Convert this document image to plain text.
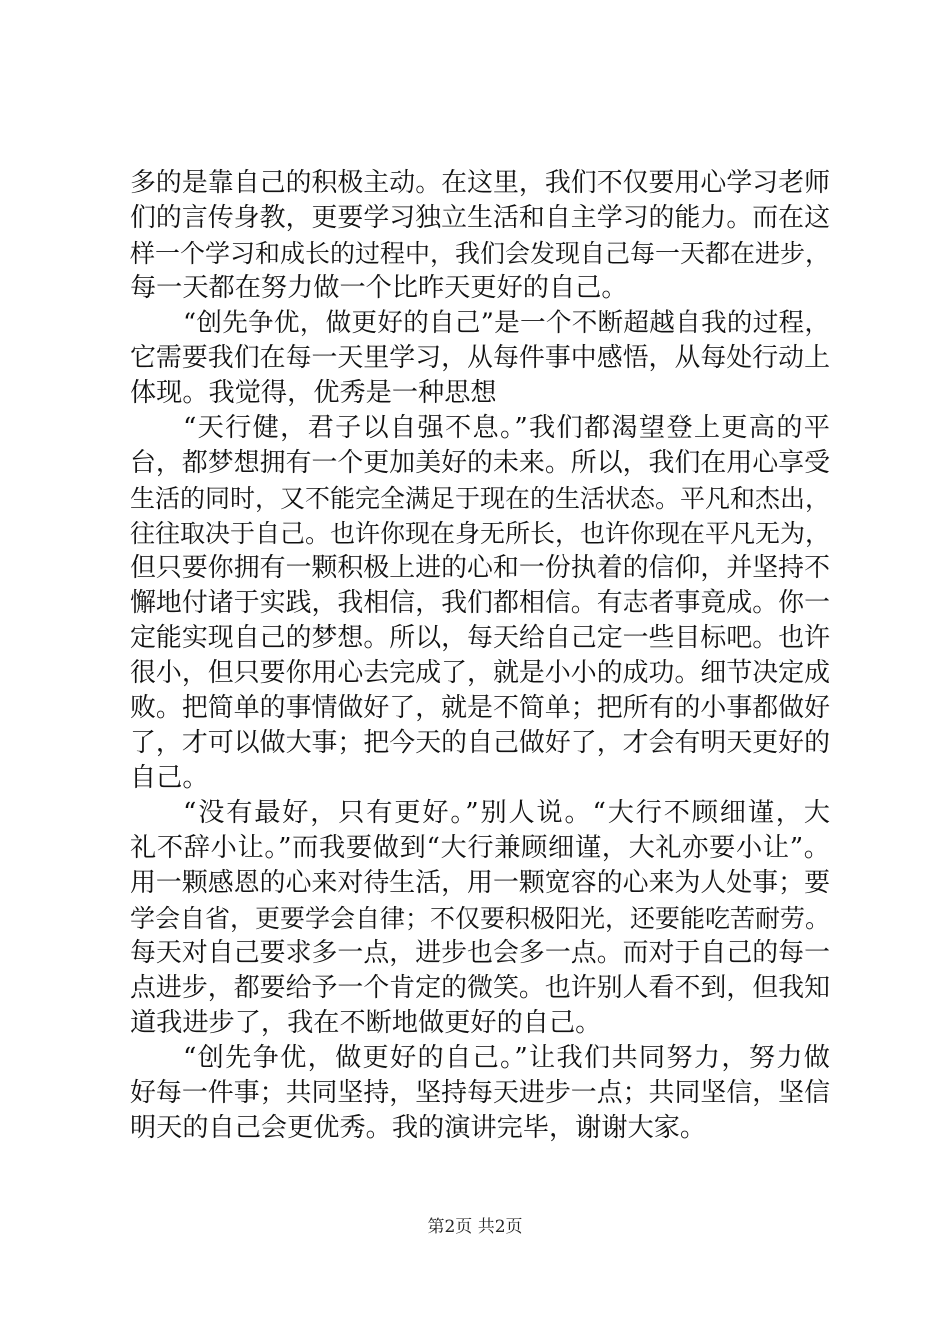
多的是靠自己的积极主动。在这里，我们不仅要用心学习老师
们的言传身教，更要学习独立生活和自主学习的能力。而在这
样一个学习和成长的过程中，我们会发现自己每一天都在进步，
每一天都在努力做一个比昨天更好的自己。
“创先争优，做更好的自己”是一个不断超越自我的过程，
它需要我们在每一天里学习，从每件事中感悟，从每处行动上
体现。我觉得，优秀是一种思想
“天行健，君子以自强不息。”我们都渴望登上更高的平
台，都梦想拥有一个更加美好的未来。所以，我们在用心享受
生活的同时，又不能完全满足于现在的生活状态。平凡和杰出，
往往取决于自己。也许你现在身无所长，也许你现在平凡无为，
但只要你拥有一颗积极上进的心和一份执着的信仰，并坚持不
懈地付诸于实践，我相信，我们都相信。有志者事竟成。你一
定能实现自己的梦想。所以，每天给自己定一些目标吧。也许
很小，但只要你用心去完成了，就是小小的成功。细节决定成
败。把简单的事情做好了，就是不简单；把所有的小事都做好
了，才可以做大事；把今天的自己做好了，才会有明天更好的
自己。
“没有最好，只有更好。”别人说。“大行不顾细谨，大
礼不辞小让。”而我要做到“大行兼顾细谨，大礼亦要小让”。
用一颗感恩的心来对待生活，用一颗宽容的心来为人处事；要
学会自省，更要学会自律；不仅要积极阳光，还要能吃苦耐劳。
每天对自己要求多一点，进步也会多一点。而对于自己的每一
点进步，都要给予一个肯定的微笑。也许别人看不到，但我知
道我进步了，我在不断地做更好的自己。
“创先争优，做更好的自己。”让我们共同努力，努力做
好每一件事；共同坚持，坚持每天进步一点；共同坚信，坚信
明天的自己会更优秀。我的演讲完毕，谢谢大家。
第2页 共2页
